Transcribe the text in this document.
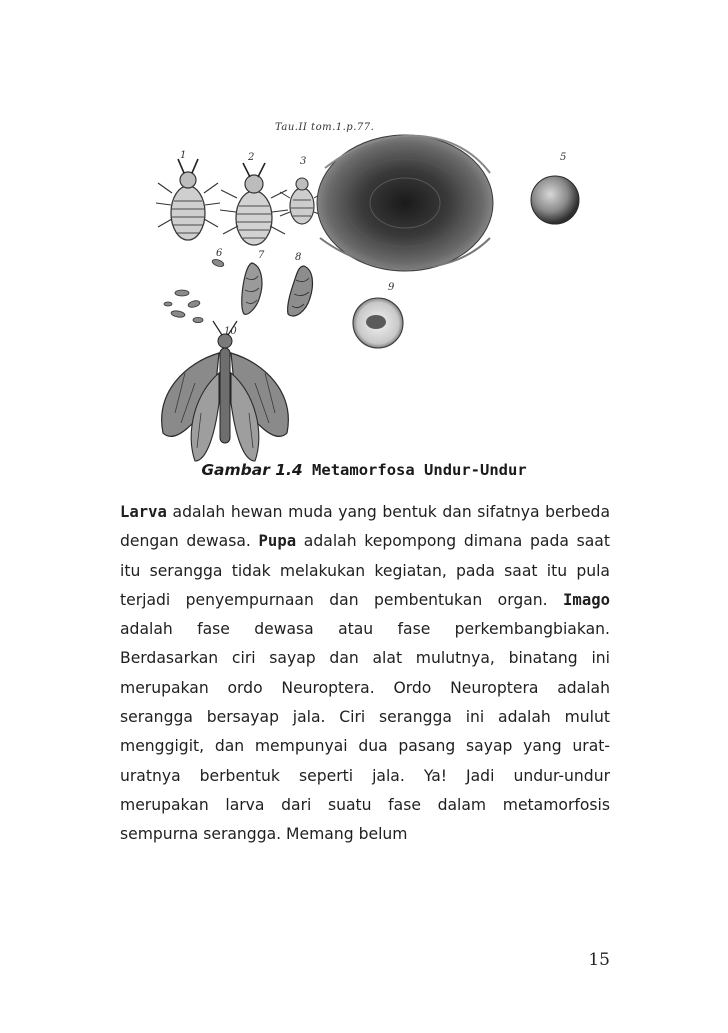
1	2	3	5
6	7	8
9
10
Tau.II tom.1.p.77.
Gambar 1.4 Metamorfosa Undur-Undur
Larva adalah hewan muda yang bentuk dan sifatnya berbeda dengan dewasa. Pupa adalah kepompong dimana pada saat itu serangga tidak melakukan kegiatan, pada saat itu pula terjadi penyempurnaan dan pembentukan organ. Imago adalah fase dewasa atau fase perkembangbiakan. Berdasarkan ciri sayap dan alat mulutnya, binatang ini merupakan ordo Neuroptera. Ordo Neuroptera adalah serangga bersayap jala. Ciri serangga ini adalah mulut menggigit, dan mempunyai dua pasang sayap yang urat-uratnya berbentuk seperti jala. Ya! Jadi undur-undur merupakan larva dari suatu fase dalam metamorfosis sempurna serangga. Memang belum
15
